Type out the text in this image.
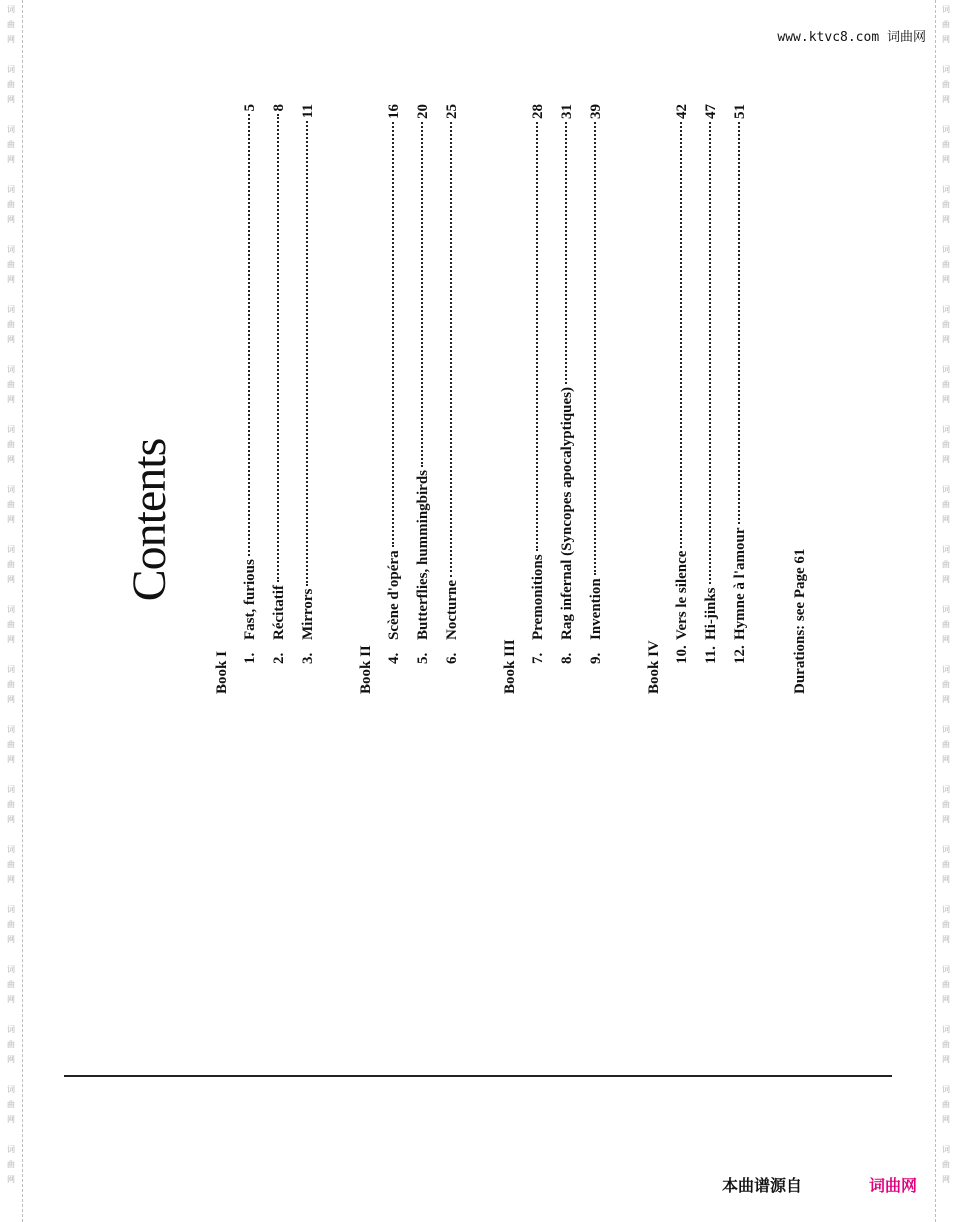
词
曲
网
词
曲
网
词
曲
网
词
曲
网
词
曲
网
词
曲
网
词
曲
网
词
曲
网
词
曲
网
词
曲
网
词
曲
网
词
曲
网
词
曲
网
词
曲
网
词
曲
网
词
曲
网
词
曲
网
词
曲
网
词
曲
网
词
曲
网
词
曲
网
词
曲
网
词
曲
网
词
曲
网
词
曲
网
词
曲
网
词
曲
网
词
曲
网
词
曲
网
词
曲
网
词
曲
网
词
曲
网
词
曲
网
词
曲
网
词
曲
网
词
曲
网
词
曲
网
词
曲
网
词
曲
网
词
曲
网
www.ktvc8.com 词曲网
Contents
Book I 1.
Fast, furious
5
2.
Récitatif
8
3.
Mirrors
11
Book II 4.
Scène d'opéra
16
5.
Butterflies, hummingbirds
20
6.
Nocturne
25
Book III 7.
Premonitions
28
8.
Rag infernal (Syncopes apocalyptiques)
31
9.
Invention
39
Book IV 10.
Vers le silence
42
11.
Hi-jinks
47
12.
Hymne à l'amour
51
Durations: see Page 61
本曲谱源自	词曲网
